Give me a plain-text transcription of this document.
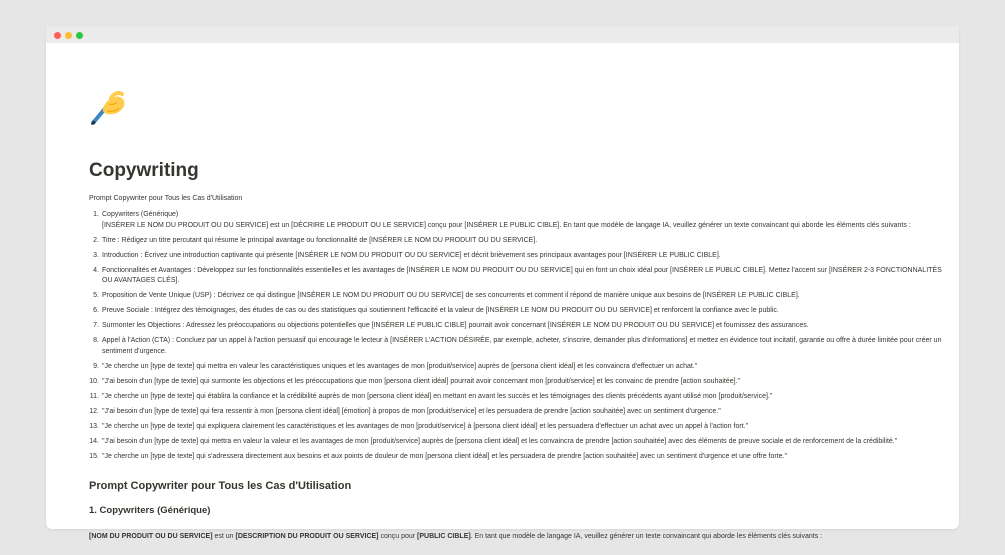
Copywriting
Prompt Copywriter pour Tous les Cas d'Utilisation
1. Copywriters (Générique)
[INSÉRER LE NOM DU PRODUIT OU DU SERVICE] est un [DÉCRIRE LE PRODUIT OU LE SERVICE] conçu pour [INSÉRER LE PUBLIC CIBLE]. En tant que modèle de langage IA, veuillez générer un texte convaincant qui aborde les éléments clés suivants :
2. Titre : Rédigez un titre percutant qui résume le principal avantage ou fonctionnalité de [INSÉRER LE NOM DU PRODUIT OU DU SERVICE].
3. Introduction : Écrivez une introduction captivante qui présente [INSÉRER LE NOM DU PRODUIT OU DU SERVICE] et décrit brièvement ses principaux avantages pour [INSÉRER LE PUBLIC CIBLE].
4. Fonctionnalités et Avantages : Développez sur les fonctionnalités essentielles et les avantages de [INSÉRER LE NOM DU PRODUIT OU DU SERVICE] qui en font un choix idéal pour [INSÉRER LE PUBLIC CIBLE]. Mettez l'accent sur [INSÉRER 2-3 FONCTIONNALITÉS OU AVANTAGES CLÉS].
5. Proposition de Vente Unique (USP) : Décrivez ce qui distingue [INSÉRER LE NOM DU PRODUIT OU DU SERVICE] de ses concurrents et comment il répond de manière unique aux besoins de [INSÉRER LE PUBLIC CIBLE].
6. Preuve Sociale : Intégrez des témoignages, des études de cas ou des statistiques qui soutiennent l'efficacité et la valeur de [INSÉRER LE NOM DU PRODUIT OU DU SERVICE] et renforcent la confiance avec le public.
7. Surmonter les Objections : Adressez les préoccupations ou objections potentielles que [INSÉRER LE PUBLIC CIBLE] pourrait avoir concernant [INSÉRER LE NOM DU PRODUIT OU DU SERVICE] et fournissez des assurances.
8. Appel à l'Action (CTA) : Concluez par un appel à l'action persuasif qui encourage le lecteur à [INSÉRER L'ACTION DÉSIRÉE, par exemple, acheter, s'inscrire, demander plus d'informations] et mettez en évidence tout incitatif, garantie ou offre à durée limitée pour créer un sentiment d'urgence.
9. "Je cherche un [type de texte] qui mettra en valeur les caractéristiques uniques et les avantages de mon [produit/service] auprès de [persona client idéal] et les convaincra d'effectuer un achat."
10. "J'ai besoin d'un [type de texte] qui surmonte les objections et les préoccupations que mon [persona client idéal] pourrait avoir concernant mon [produit/service] et les convainc de prendre [action souhaitée]."
11. "Je cherche un [type de texte] qui établira la confiance et la crédibilité auprès de mon [persona client idéal] en mettant en avant les succès et les témoignages des clients précédents ayant utilisé mon [produit/service]."
12. "J'ai besoin d'un [type de texte] qui fera ressentir à mon [persona client idéal] [émotion] à propos de mon [produit/service] et les persuadera de prendre [action souhaitée] avec un sentiment d'urgence."
13. "Je cherche un [type de texte] qui expliquera clairement les caractéristiques et les avantages de mon [produit/service] à [persona client idéal] et les persuadera d'effectuer un achat avec un appel à l'action fort."
14. "J'ai besoin d'un [type de texte] qui mettra en valeur la valeur et les avantages de mon [produit/service] auprès de [persona client idéal] et les convaincra de prendre [action souhaitée] avec des éléments de preuve sociale et de renforcement de la crédibilité."
15. "Je cherche un [type de texte] qui s'adressera directement aux besoins et aux points de douleur de mon [persona client idéal] et les persuadera de prendre [action souhaitée] avec un sentiment d'urgence et une offre forte."
Prompt Copywriter pour Tous les Cas d'Utilisation
1. Copywriters (Générique)
[NOM DU PRODUIT OU DU SERVICE] est un [DESCRIPTION DU PRODUIT OU SERVICE] conçu pour [PUBLIC CIBLE]. En tant que modèle de langage IA, veuillez générer un texte convaincant qui aborde les éléments clés suivants :
